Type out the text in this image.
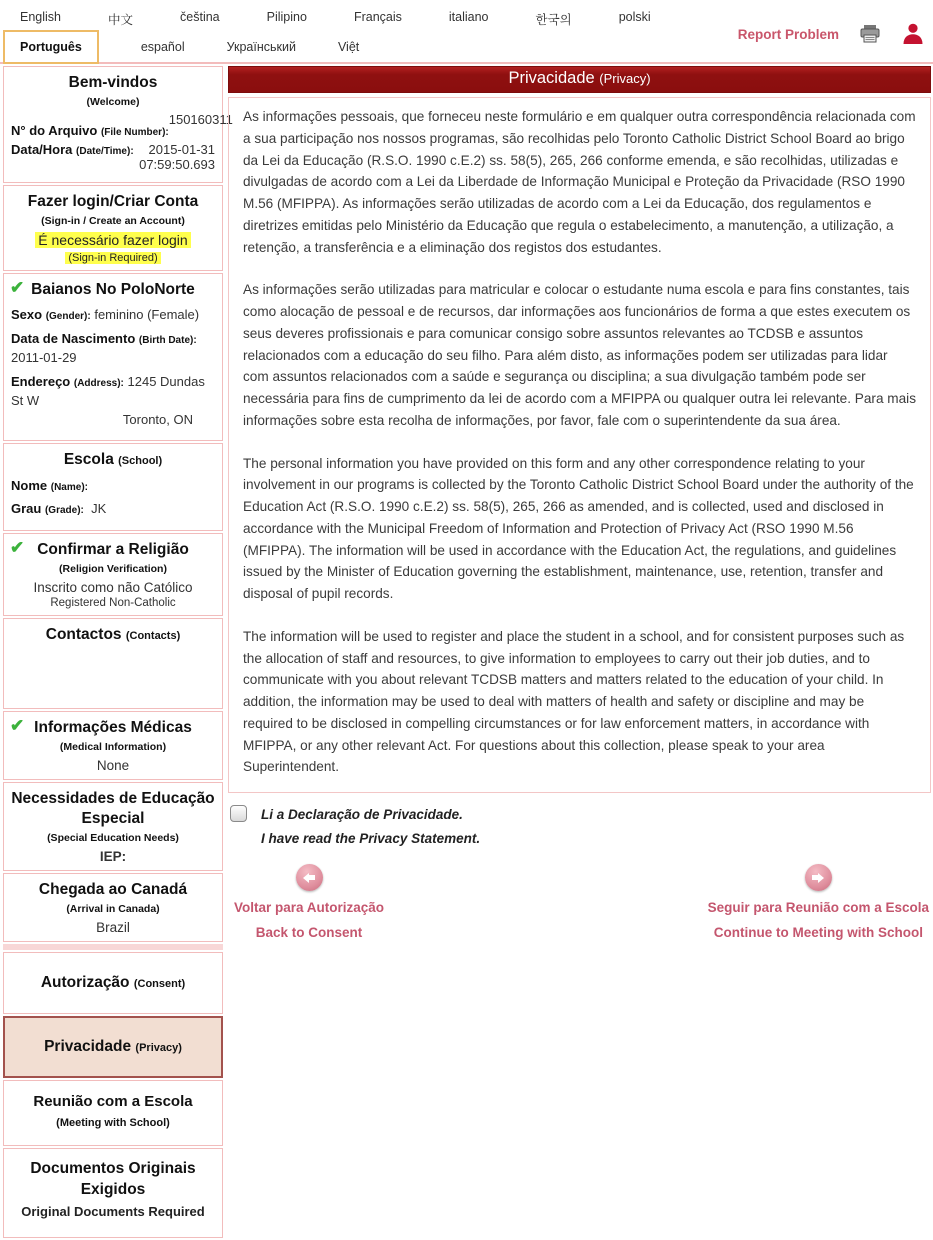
English	中文	čeština	Pilipino	Français	italiano	한국의	polski
Português	español	Український	Việt
Report Problem
Bem-vindos
(Welcome)
N° do Arquivo (File Number):
150160311
Data/Hora (Date/Time):	2015-01-31
07:59:50.693
Fazer login/Criar Conta
(Sign-in / Create an Account)
É necessário fazer login
(Sign-in Required)
✔ Baianos No PoloNorte
Sexo (Gender): feminino (Female)
Data de Nascimento (Birth Date): 2011-01-29
Endereço (Address): 1245 Dundas St W
Toronto, ON
Escola (School)
Nome (Name):
Grau (Grade): JK
✔ Confirmar a Religião
(Religion Verification)
Inscrito como não Católico
Registered Non-Catholic
Contactos (Contacts)
✔ Informações Médicas
(Medical Information)
None
Necessidades de Educação Especial
(Special Education Needs)
IEP:
Chegada ao Canadá
(Arrival in Canada)
Brazil
Autorização (Consent)
Privacidade (Privacy)
Reunião com a Escola (Meeting with School)
Documentos Originais Exigidos
Original Documents Required
Privacidade (Privacy)

As informações pessoais, que forneceu neste formulário e em qualquer outra correspondência relacionada com a sua participação nos nossos programas, são recolhidas pelo Toronto Catholic District School Board ao brigo da Lei da Educação (R.S.O. 1990 c.E.2) ss. 58(5), 265, 266 conforme emenda, e são recolhidas, utilizadas e divulgadas de acordo com a Lei da Liberdade de Informação Municipal e Proteção da Privacidade (RSO 1990 M.56 (MFIPPA). As informações serão utilizadas de acordo com a Lei da Educação, dos regulamentos e diretrizes emitidas pelo Ministério da Educação que regula o estabelecimento, a manutenção, a utilização, a retenção, a transferência e a eliminação dos registos dos estudantes.

As informações serão utilizadas para matricular e colocar o estudante numa escola e para fins constantes, tais como alocação de pessoal e de recursos, dar informações aos funcionários de forma a que estes executem os seus deveres profissionais e para comunicar consigo sobre assuntos relevantes ao TCDSB e assuntos relacionados com a educação do seu filho. Para além disto, as informações podem ser utilizadas para lidar com assuntos relacionados com a saúde e segurança ou disciplina; a sua divulgação também pode ser necessária para fins de cumprimento da lei de acordo com a MFIPPA ou qualquer outra lei relevante. Para mais informações sobre esta recolha de informações, por favor, fale com o superintendente da sua área.

The personal information you have provided on this form and any other correspondence relating to your involvement in our programs is collected by the Toronto Catholic District School Board under the authority of the Education Act (R.S.O. 1990 c.E.2) ss. 58(5), 265, 266 as amended, and is collected, used and disclosed in accordance with the Municipal Freedom of Information and Protection of Privacy Act (RSO 1990 M.56 (MFIPPA). The information will be used in accordance with the Education Act, the regulations, and guidelines issued by the Minister of Education governing the establishment, maintenance, use, retention, transfer and disposal of pupil records.

The information will be used to register and place the student in a school, and for consistent purposes such as the allocation of staff and resources, to give information to employees to carry out their job duties, and to communicate with you about relevant TCDSB matters and matters related to the education of your child. In addition, the information may be used to deal with matters of health and safety or discipline and may be required to be disclosed in compelling circumstances or for law enforcement matters, in accordance with MFIPPA, or any other relevant Act. For questions about this collection, please speak to your area Superintendent.

Li a Declaração de Privacidade.
I have read the Privacy Statement.
Voltar para Autorização
Back to Consent
Seguir para Reunião com a Escola
Continue to Meeting with School
